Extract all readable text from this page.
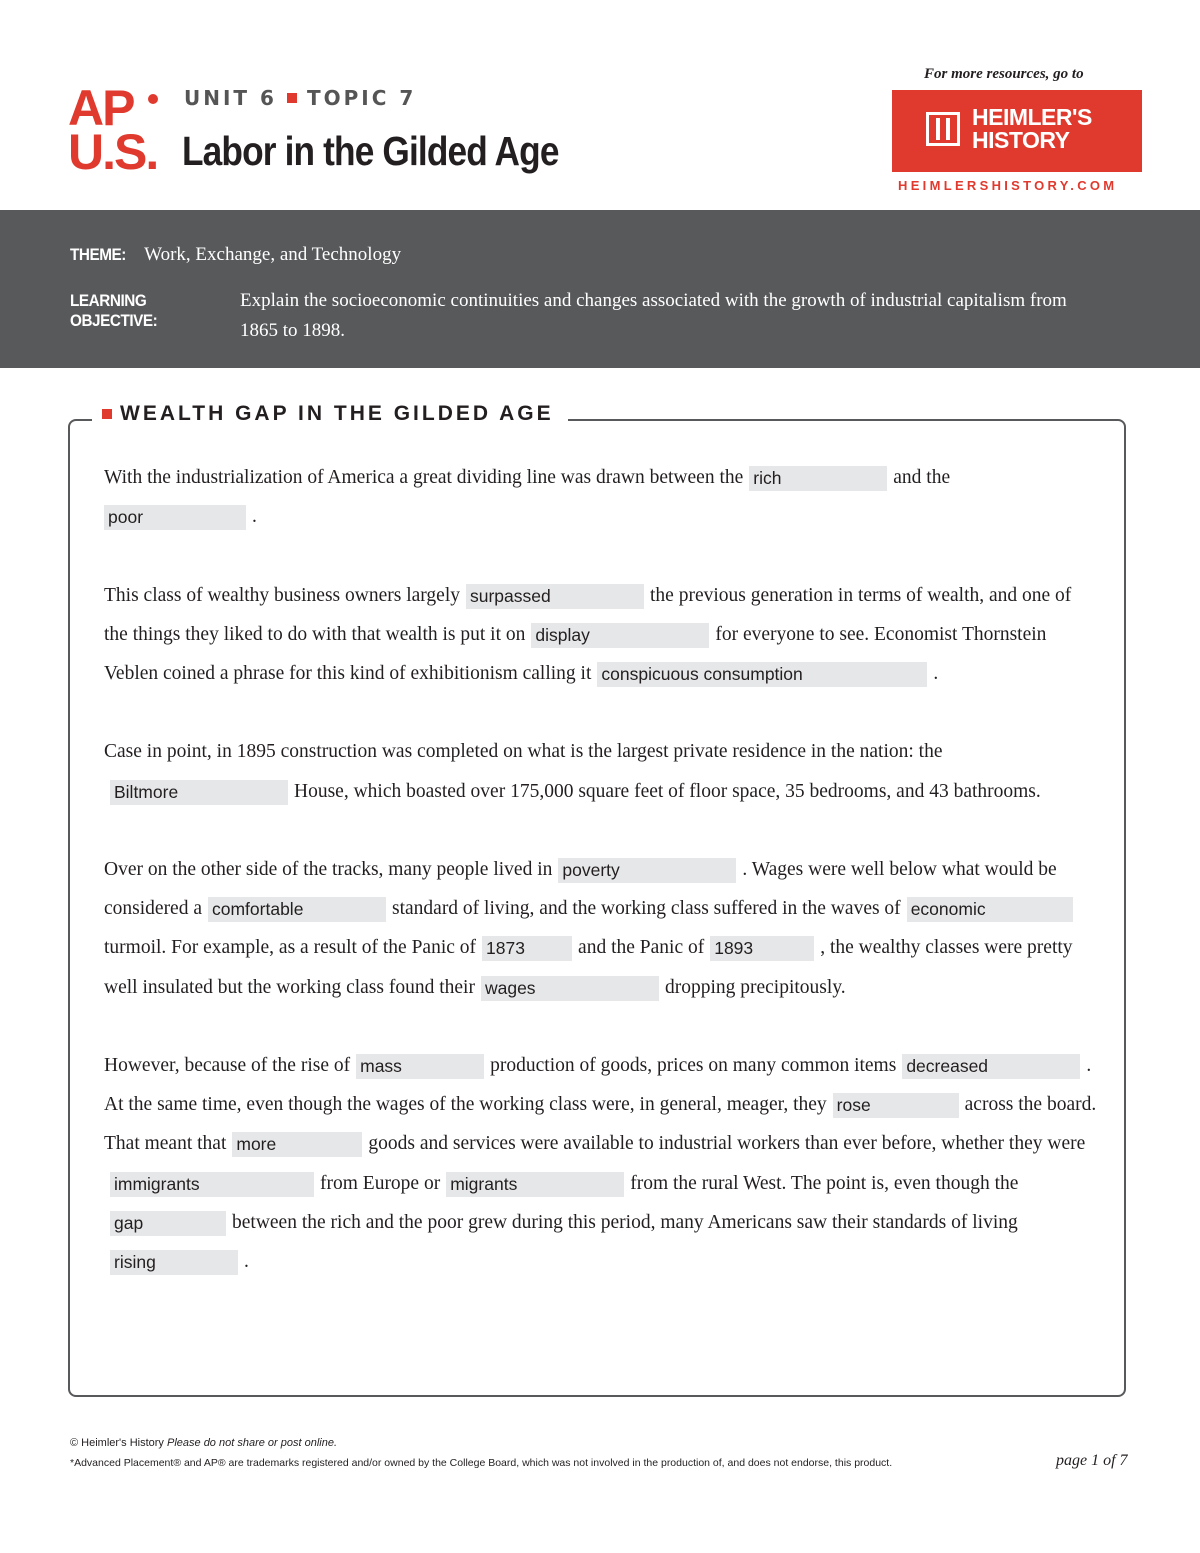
AP
U.S.
UNIT 6 TOPIC 7
Labor in the Gilded Age
For more resources, go to
HEIMLER'S
HISTORY
HEIMLERSHISTORY.COM
THEME: Work, Exchange, and Technology
LEARNING OBJECTIVE:
Explain the socioeconomic continuities and changes associated with the growth of industrial capitalism from 1865 to 1898.
WEALTH GAP IN THE GILDED AGE

With the industrialization of America a great dividing line was drawn between the rich	and the
poor	.

This class of wealthy business owners largely surpassed	the previous generation in terms of wealth, and one of the things they liked to do with that wealth is put it on display	for everyone to see. Economist Thornstein Veblen coined a phrase for this kind of exhibitionism calling it conspicuous consumption	.

Case in point, in 1895 construction was completed on what is the largest private residence in the nation: theBiltmore	House, which boasted over 175,000 square feet of floor space, 35 bedrooms, and 43 bathrooms.

Over on the other side of the tracks, many people lived in poverty	. Wages were well below what would be considered a comfortable	standard of living, and the working class suffered in the waves of economicturmoil. For example, as a result of the Panic of 1873	and the Panic of 1893	, the wealthy classes were pretty well insulated but the working class found their wages	dropping precipitously.

However, because of the rise of mass	production of goods, prices on many common items decreased	. At the same time, even though the wages of the working class were, in general, meager, they rose	across the board. That meant that more	goods and services were available to industrial workers than ever before, whether they wereimmigrants	from Europe or migrants	from the rural West. The point is, even though thegap	between the rich and the poor grew during this period, many Americans saw their standards of livingrising	.

© Heimler's History Please do not share or post online.
*Advanced Placement® and AP® are trademarks registered and/or owned by the College Board, which was not involved in the production of, and does not endorse, this product.	page 1 of 7
